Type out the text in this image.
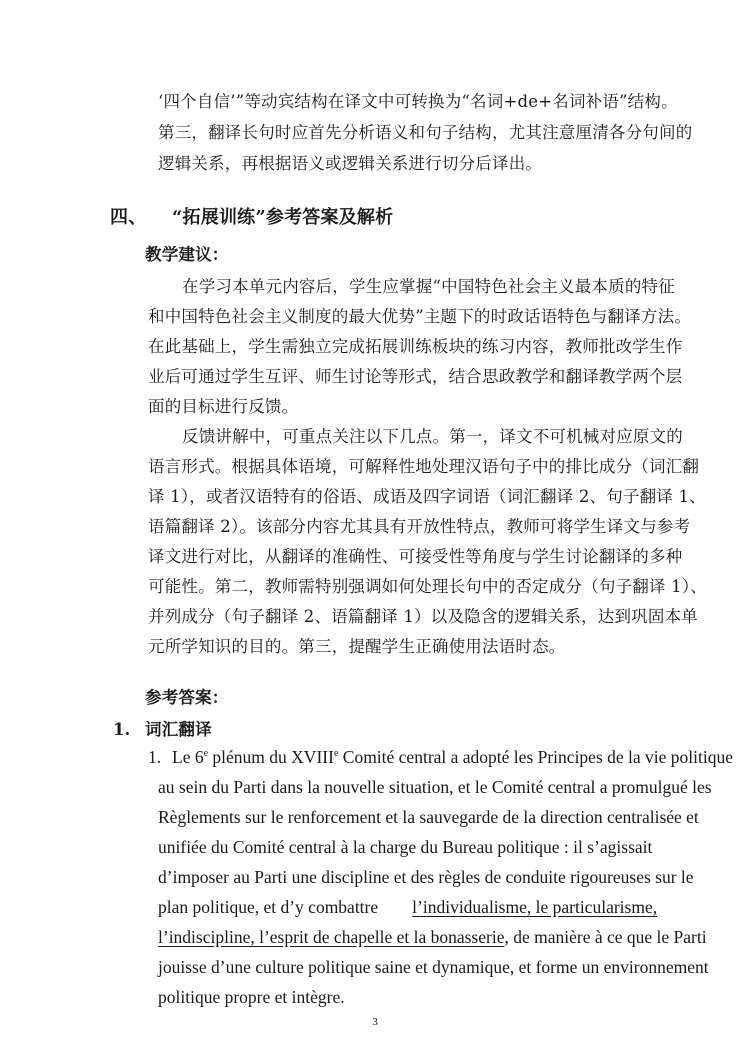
‘四个自信’”等动宾结构在译文中可转换为“名词+de+名词补语”结构。
第三，翻译长句时应首先分析语义和句子结构，尤其注意厘清各分句间的
逻辑关系，再根据语义或逻辑关系进行切分后译出。
四、 “拓展训练”参考答案及解析
教学建议：
在学习本单元内容后，学生应掌握“中国特色社会主义最本质的特征
和中国特色社会主义制度的最大优势”主题下的时政话语特色与翻译方法。
在此基础上，学生需独立完成拓展训练板块的练习内容，教师批改学生作
业后可通过学生互评、师生讨论等形式，结合思政教学和翻译教学两个层
面的目标进行反馈。
反馈讲解中，可重点关注以下几点。第一，译文不可机械对应原文的
语言形式。根据具体语境，可解释性地处理汉语句子中的排比成分（词汇翻
译 1），或者汉语特有的俗语、成语及四字词语（词汇翻译 2、句子翻译 1、
语篇翻译 2）。该部分内容尤其具有开放性特点，教师可将学生译文与参考
译文进行对比，从翻译的准确性、可接受性等角度与学生讨论翻译的多种
可能性。第二，教师需特别强调如何处理长句中的否定成分（句子翻译 1）、
并列成分（句子翻译 2、语篇翻译 1）以及隐含的逻辑关系，达到巩固本单
元所学知识的目的。第三，提醒学生正确使用法语时态。
参考答案：
1. 词汇翻译
1. Le 6e plénum du XVIIIe Comité central a adopté les Principes de la vie politique
au sein du Parti dans la nouvelle situation, et le Comité central a promulgué les
Règlements sur le renforcement et la sauvegarde de la direction centralisée et
unifiée du Comité central à la charge du Bureau politique : il s’agissait
d’imposer au Parti une discipline et des règles de conduite rigoureuses sur le
plan politique, et d’y combattre l’individualisme, le particularisme,
l’indiscipline, l’esprit de chapelle et la bonasserie, de manière à ce que le Parti
jouisse d’une culture politique saine et dynamique, et forme un environnement
politique propre et intègre.
3
